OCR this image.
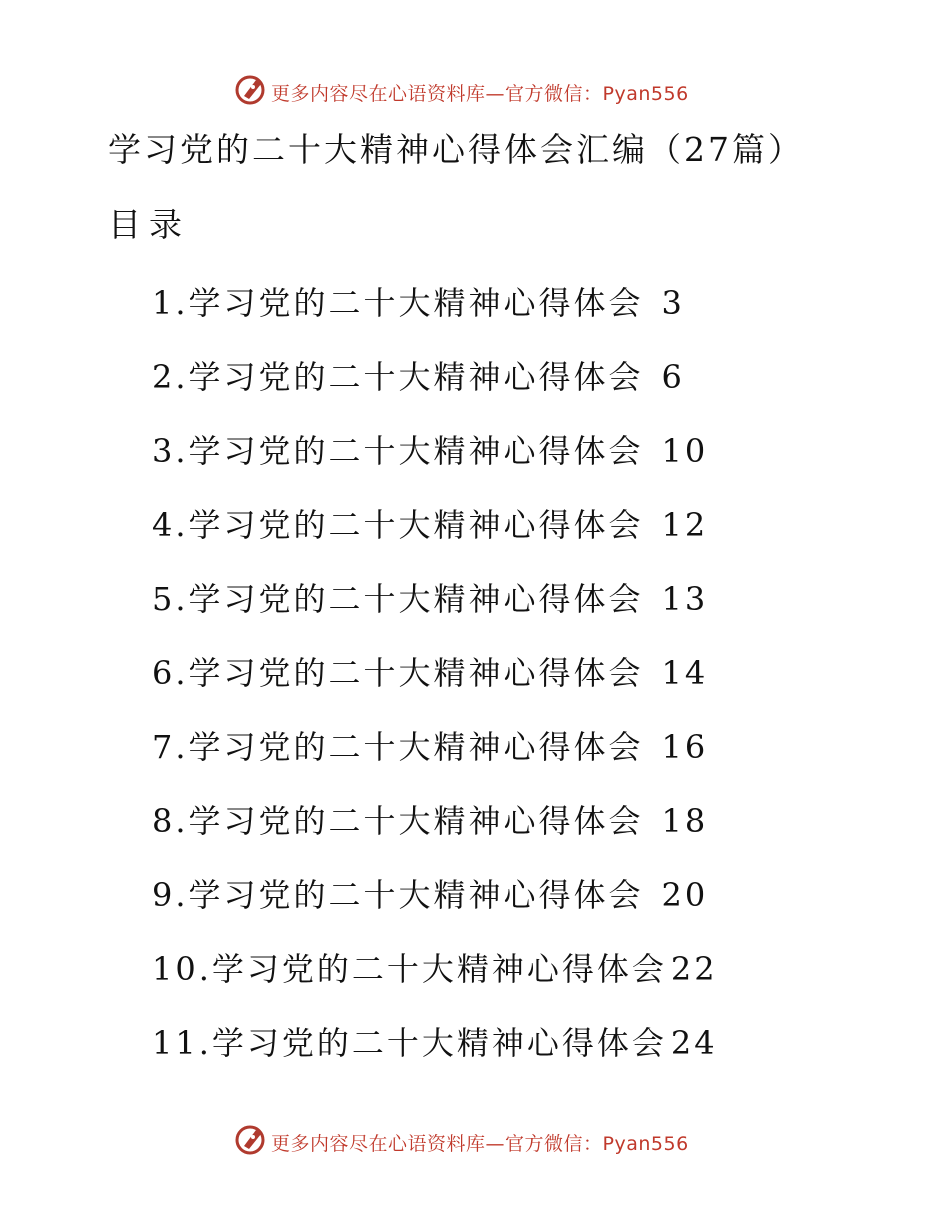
更多内容尽在心语资料库—官方微信：Pyan556
学习党的二十大精神心得体会汇编（27篇）
目录
1.学习党的二十大精神心得体会 3
2.学习党的二十大精神心得体会 6
3.学习党的二十大精神心得体会 10
4.学习党的二十大精神心得体会 12
5.学习党的二十大精神心得体会 13
6.学习党的二十大精神心得体会 14
7.学习党的二十大精神心得体会 16
8.学习党的二十大精神心得体会 18
9.学习党的二十大精神心得体会 20
10.学习党的二十大精神心得体会 22
11.学习党的二十大精神心得体会 24
更多内容尽在心语资料库—官方微信：Pyan556
